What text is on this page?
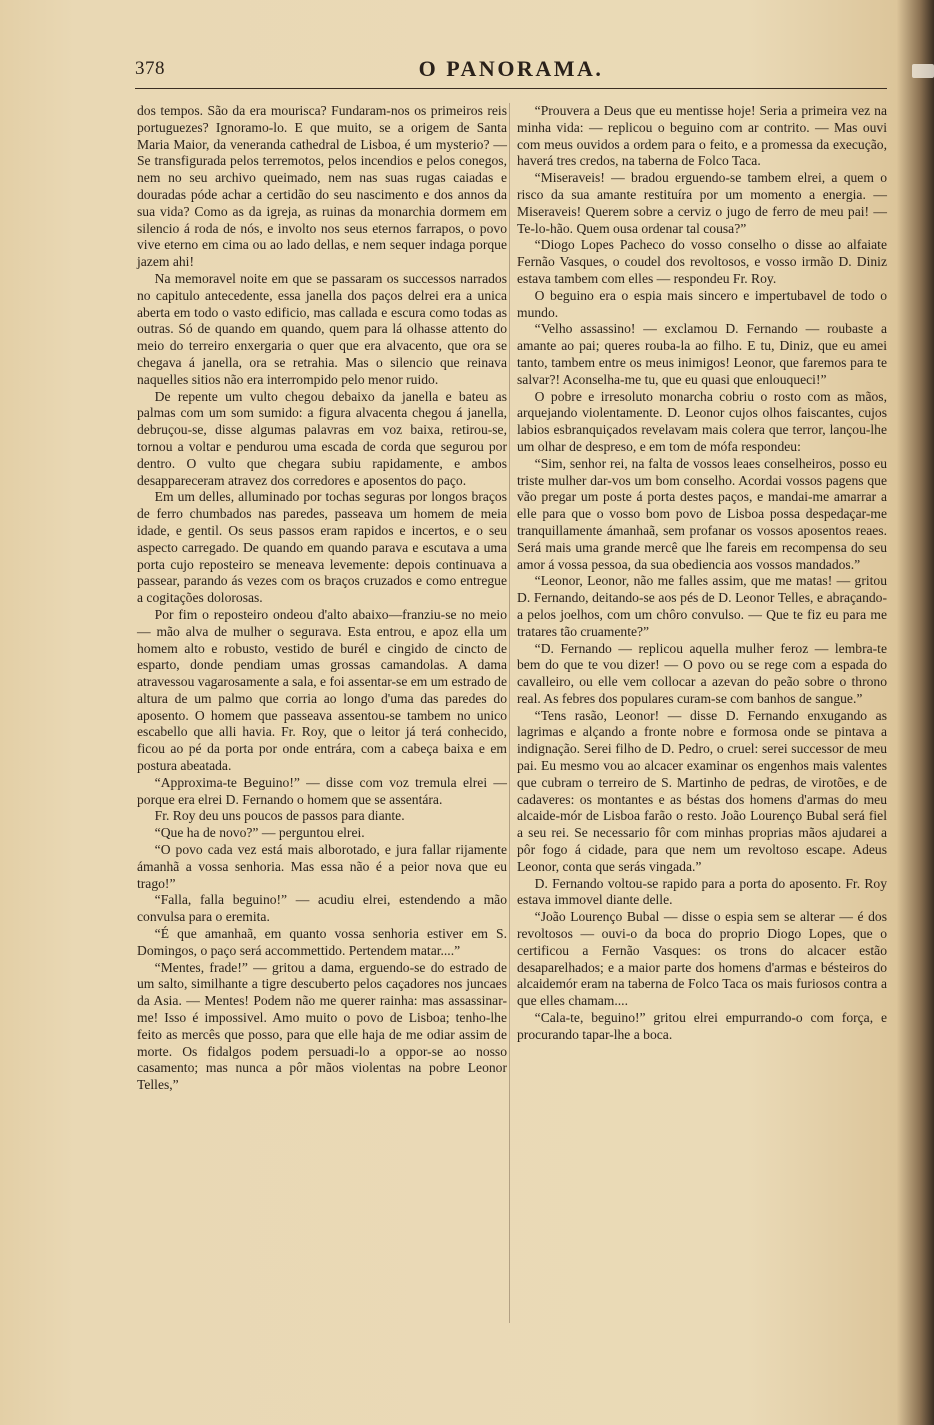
378	O PANORAMA.

dos tempos. São da era mourisca? Fundaram-nos os primeiros reis portuguezes? Ignoramo-lo. E que muito, se a origem de Santa Maria Maior, da veneranda cathedral de Lisboa, é um mysterio? — Se transfigurada pelos terremotos, pelos incendios e pelos conegos, nem no seu archivo queimado, nem nas suas rugas caiadas e douradas póde achar a certidão do seu nascimento e dos annos da sua vida? Como as da igreja, as ruinas da monarchia dormem em silencio á roda de nós, e involto nos seus eternos farrapos, o povo vive eterno em cima ou ao lado dellas, e nem sequer indaga porque jazem ahi!

Na memoravel noite em que se passaram os successos narrados no capitulo antecedente, essa janella dos paços delrei era a unica aberta em todo o vasto edificio, mas callada e escura como todas as outras. Só de quando em quando, quem para lá olhasse attento do meio do terreiro enxergaria o quer que era alvacento, que ora se chegava á janella, ora se retrahia. Mas o silencio que reinava naquelles sitios não era interrompido pelo menor ruido.

De repente um vulto chegou debaixo da janella e bateu as palmas com um som sumido: a figura alvacenta chegou á janella, debruçou-se, disse algumas palavras em voz baixa, retirou-se, tornou a voltar e pendurou uma escada de corda que segurou por dentro. O vulto que chegara subiu rapidamente, e ambos desappareceram atravez dos corredores e aposentos do paço.

Em um delles, alluminado por tochas seguras por longos braços de ferro chumbados nas paredes, passeava um homem de meia idade, e gentil. Os seus passos eram rapidos e incertos, e o seu aspecto carregado. De quando em quando parava e escutava a uma porta cujo reposteiro se meneava levemente: depois continuava a passear, parando ás vezes com os braços cruzados e como entregue a cogitações dolorosas.

Por fim o reposteiro ondeou d'alto abaixo—franziu-se no meio — mão alva de mulher o segurava. Esta entrou, e apoz ella um homem alto e robusto, vestido de burél e cingido de cincto de esparto, donde pendiam umas grossas camandolas. A dama atravessou vagarosamente a sala, e foi assentar-se em um estrado de altura de um palmo que corria ao longo d'uma das paredes do aposento. O homem que passeava assentou-se tambem no unico escabello que alli havia. Fr. Roy, que o leitor já terá conhecido, ficou ao pé da porta por onde entrára, com a cabeça baixa e em postura abeatada.

“Approxima-te Beguino!” — disse com voz tremula elrei — porque era elrei D. Fernando o homem que se assentára.

Fr. Roy deu uns poucos de passos para diante.

“Que ha de novo?” — perguntou elrei.

“O povo cada vez está mais alborotado, e jura fallar rijamente ámanhã a vossa senhoria. Mas essa não é a peior nova que eu trago!”

“Falla, falla beguino!” — acudiu elrei, estendendo a mão convulsa para o eremita.

“É que amanhaã, em quanto vossa senhoria estiver em S. Domingos, o paço será accommettido. Pertendem matar....”

“Mentes, frade!” — gritou a dama, erguendo-se do estrado de um salto, similhante a tigre descuberto pelos caçadores nos juncaes da Asia. — Mentes! Podem não me querer rainha: mas assassinar-me! Isso é impossivel. Amo muito o povo de Lisboa; tenho-lhe feito as mercês que posso, para que elle haja de me odiar assim de morte. Os fidalgos podem persuadi-lo a oppor-se ao nosso casamento; mas nunca a pôr mãos violentas na pobre Leonor Telles,”

“Prouvera a Deus que eu mentisse hoje! Seria a primeira vez na minha vida: — replicou o beguino com ar contrito. — Mas ouvi com meus ouvidos a ordem para o feito, e a promessa da execução, haverá tres credos, na taberna de Folco Taca.

“Miseraveis! — bradou erguendo-se tambem elrei, a quem o risco da sua amante restituíra por um momento a energia. — Miseraveis! Querem sobre a cerviz o jugo de ferro de meu pai! — Te-lo-hão. Quem ousa ordenar tal cousa?”

“Diogo Lopes Pacheco do vosso conselho o disse ao alfaiate Fernão Vasques, o coudel dos revoltosos, e vosso irmão D. Diniz estava tambem com elles — respondeu Fr. Roy.

O beguino era o espia mais sincero e impertubavel de todo o mundo.

“Velho assassino! — exclamou D. Fernando — roubaste a amante ao pai; queres rouba-la ao filho. E tu, Diniz, que eu amei tanto, tambem entre os meus inimigos! Leonor, que faremos para te salvar?! Aconselha-me tu, que eu quasi que enlouqueci!”

O pobre e irresoluto monarcha cobriu o rosto com as mãos, arquejando violentamente. D. Leonor cujos olhos faiscantes, cujos labios esbranquiçados revelavam mais colera que terror, lançou-lhe um olhar de despreso, e em tom de mófa respondeu:

“Sim, senhor rei, na falta de vossos leaes conselheiros, posso eu triste mulher dar-vos um bom conselho. Acordai vossos pagens que vão pregar um poste á porta destes paços, e mandai-me amarrar a elle para que o vosso bom povo de Lisboa possa despedaçar-me tranquillamente ámanhaã, sem profanar os vossos aposentos reaes. Será mais uma grande mercê que lhe fareis em recompensa do seu amor á vossa pessoa, da sua obediencia aos vossos mandados.”

“Leonor, Leonor, não me falles assim, que me matas! — gritou D. Fernando, deitando-se aos pés de D. Leonor Telles, e abraçando-a pelos joelhos, com um chôro convulso. — Que te fiz eu para me tratares tão cruamente?”

“D. Fernando — replicou aquella mulher feroz — lembra-te bem do que te vou dizer! — O povo ou se rege com a espada do cavalleiro, ou elle vem collocar a azevan do peão sobre o throno real. As febres dos populares curam-se com banhos de sangue.”

“Tens rasão, Leonor! — disse D. Fernando enxugando as lagrimas e alçando a fronte nobre e formosa onde se pintava a indignação. Serei filho de D. Pedro, o cruel: serei successor de meu pai. Eu mesmo vou ao alcacer examinar os engenhos mais valentes que cubram o terreiro de S. Martinho de pedras, de virotões, e de cadaveres: os montantes e as béstas dos homens d'armas do meu alcaide-mór de Lisboa farão o resto. João Lourenço Bubal será fiel a seu rei. Se necessario fôr com minhas proprias mãos ajudarei a pôr fogo á cidade, para que nem um revoltoso escape. Adeus Leonor, conta que serás vingada.”

D. Fernando voltou-se rapido para a porta do aposento. Fr. Roy estava immovel diante delle.

“João Lourenço Bubal — disse o espia sem se alterar — é dos revoltosos — ouvi-o da boca do proprio Diogo Lopes, que o certificou a Fernão Vasques: os trons do alcacer estão desaparelhados; e a maior parte dos homens d'armas e bésteiros do alcaidemór eram na taberna de Folco Taca os mais furiosos contra a que elles chamam....

“Cala-te, beguino!” gritou elrei empurrando-o com força, e procurando tapar-lhe a boca.
